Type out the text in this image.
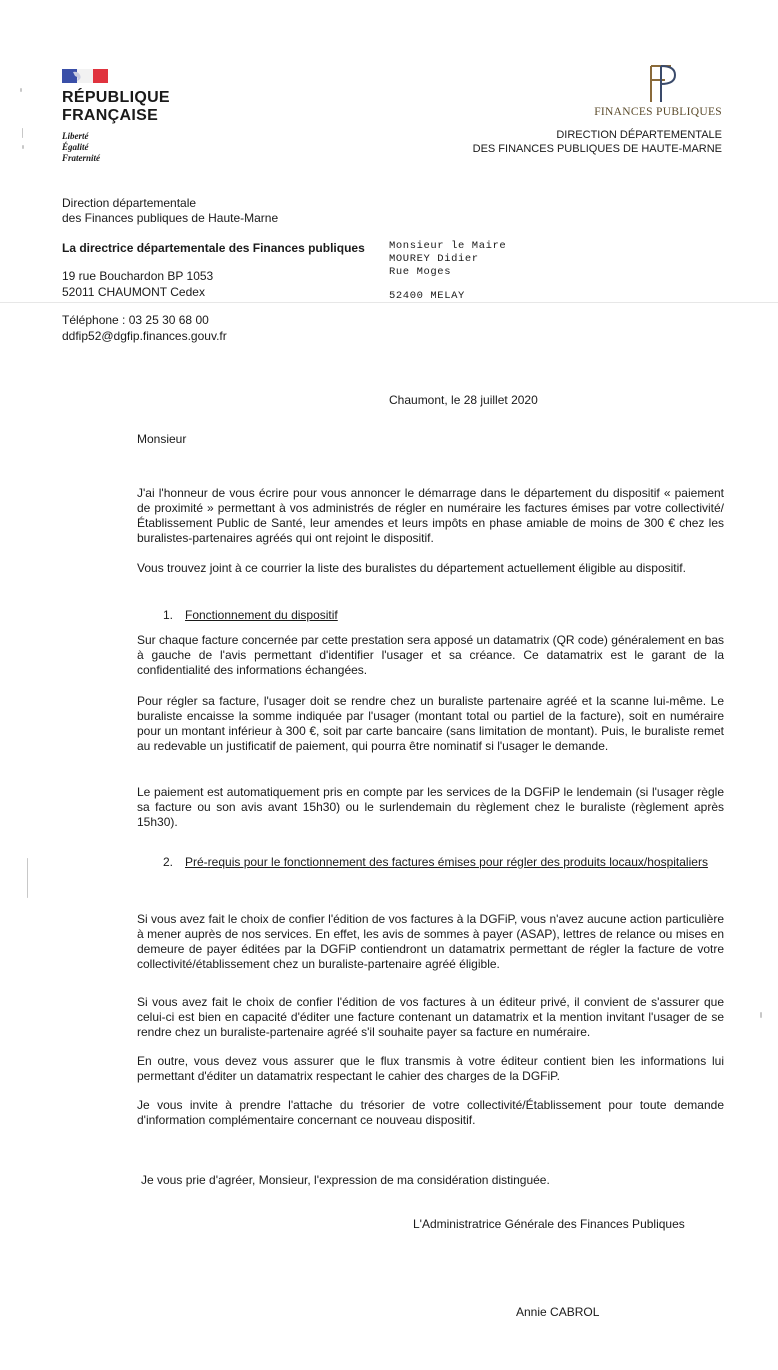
RÉPUBLIQUE
FRANÇAISE
Liberté
Égalité
Fraternité
FINANCES PUBLIQUES
DIRECTION DÉPARTEMENTALE
DES FINANCES PUBLIQUES DE HAUTE-MARNE
Direction départementale
des Finances publiques de Haute-Marne
La directrice départementale des Finances publiques
19 rue Bouchardon BP 1053
52011 CHAUMONT Cedex
Téléphone : 03 25 30 68 00
ddfip52@dgfip.finances.gouv.fr
Monsieur le Maire
MOUREY Didier
Rue Moges
52400 MELAY
Chaumont, le 28 juillet 2020
Monsieur

J'ai l'honneur de vous écrire pour vous annoncer le démarrage dans le département du dispositif « paiement de proximité » permettant à vos administrés de régler en numéraire les factures émises par votre collectivité/Établissement Public de Santé, leur amendes et leurs impôts en phase amiable de moins de 300 € chez les buralistes-partenaires agréés qui ont rejoint le dispositif.

Vous trouvez joint à ce courrier la liste des buralistes du département actuellement éligible au dispositif.

1. Fonctionnement du dispositif

Sur chaque facture concernée par cette prestation sera apposé un datamatrix (QR code) généralement en bas à gauche de l'avis permettant d'identifier l'usager et sa créance. Ce datamatrix est le garant de la confidentialité des informations échangées.

Pour régler sa facture, l'usager doit se rendre chez un buraliste partenaire agréé et la scanne lui-même. Le buraliste encaisse la somme indiquée par l'usager (montant total ou partiel de la facture), soit en numéraire pour un montant inférieur à 300 €, soit par carte bancaire (sans limitation de montant). Puis, le buraliste remet au redevable un justificatif de paiement, qui pourra être nominatif si l'usager le demande.

Le paiement est automatiquement pris en compte par les services de la DGFiP le lendemain (si l'usager règle sa facture ou son avis avant 15h30) ou le surlendemain du règlement chez le buraliste (règlement après 15h30).

2. Pré-requis pour le fonctionnement des factures émises pour régler des produits locaux/hospitaliers

Si vous avez fait le choix de confier l'édition de vos factures à la DGFiP, vous n'avez aucune action particulière à mener auprès de nos services. En effet, les avis de sommes à payer (ASAP), lettres de relance ou mises en demeure de payer éditées par la DGFiP contiendront un datamatrix permettant de régler la facture de votre collectivité/établissement chez un buraliste-partenaire agréé éligible.

Si vous avez fait le choix de confier l'édition de vos factures à un éditeur privé, il convient de s'assurer que celui-ci est bien en capacité d'éditer une facture contenant un datamatrix et la mention invitant l'usager de se rendre chez un buraliste-partenaire agréé s'il souhaite payer sa facture en numéraire.

En outre, vous devez vous assurer que le flux transmis à votre éditeur contient bien les informations lui permettant d'éditer un datamatrix respectant le cahier des charges de la DGFiP.

Je vous invite à prendre l'attache du trésorier de votre collectivité/Établissement pour toute demande d'information complémentaire concernant ce nouveau dispositif.

Je vous prie d'agréer, Monsieur, l'expression de ma considération distinguée.
L'Administratrice Générale des Finances Publiques
Annie CABROL
